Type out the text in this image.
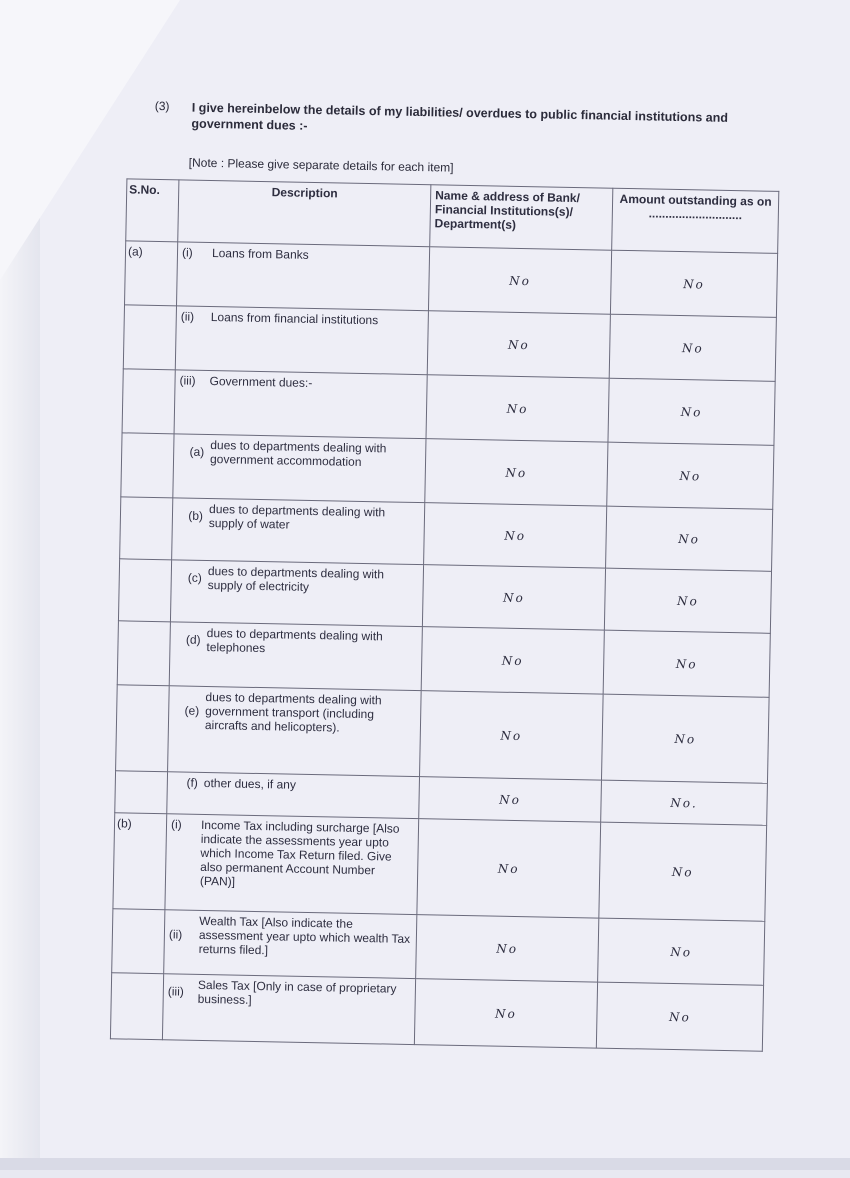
(3) I give hereinbelow the details of my liabilities/ overdues to public financial institutions and government dues :-
[Note : Please give separate details for each item]
S.No.	Description	Name & address of Bank/ Financial Institutions(s)/ Department(s)	Amount outstanding as on ............................
(a)	(i) Loans from Banks	No	No
	(ii) Loans from financial institutions	No	No
	(iii) Government dues:-	No	No

	(a) dues to departments dealing with government accommodation	No	No

	(b) dues to departments dealing with supply of water	No	No

	(c) dues to departments dealing with supply of electricity	No	No

	(d) dues to departments dealing with telephones	No	No

	(e)
dues to departments dealing with government transport (including aircrafts and helicopters).	No	No

	(f) other dues, if any	No	No.
(b)	(i) Income Tax including surcharge [Also indicate the assessments year upto which Income Tax Return filed. Give also permanent Account Number (PAN)]	No	No

	(ii)
Wealth Tax [Also indicate the assessment year upto which wealth Tax returns filed.]	No	No

	(iii) Sales Tax [Only in case of proprietary business.]	No	No
